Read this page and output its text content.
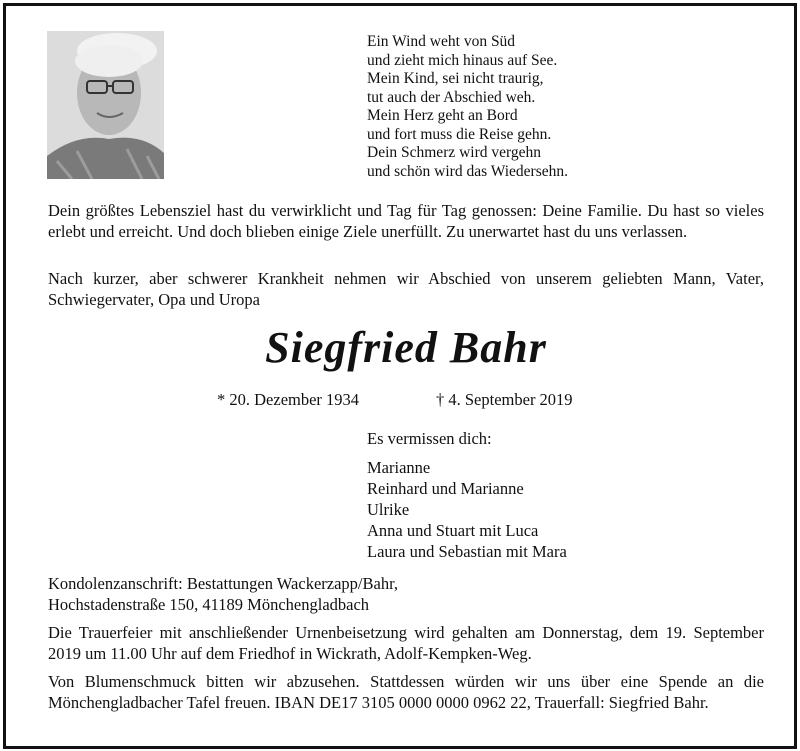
Ein Wind weht von Süd
und zieht mich hinaus auf See.
Mein Kind, sei nicht traurig,
tut auch der Abschied weh.
Mein Herz geht an Bord
und fort muss die Reise gehn.
Dein Schmerz wird vergehn
und schön wird das Wiedersehn.
Dein größtes Lebensziel hast du verwirklicht und Tag für Tag genossen: Deine Familie. Du hast so vieles erlebt und erreicht. Und doch blieben einige Ziele unerfüllt. Zu unerwartet hast du uns verlassen.
Nach kurzer, aber schwerer Krankheit nehmen wir Abschied von unserem geliebten Mann, Vater, Schwiegervater, Opa und Uropa
Siegfried Bahr
* 20. Dezember 1934	† 4. September 2019
Es vermissen dich:
Marianne
Reinhard und Marianne
Ulrike
Anna und Stuart mit Luca
Laura und Sebastian mit Mara
Kondolenzanschrift: Bestattungen Wackerzapp/Bahr,
Hochstadenstraße 150, 41189 Mönchengladbach
Die Trauerfeier mit anschließender Urnenbeisetzung wird gehalten am Donnerstag, dem 19. September 2019 um 11.00 Uhr auf dem Friedhof in Wickrath, Adolf-Kempken-Weg.
Von Blumenschmuck bitten wir abzusehen. Stattdessen würden wir uns über eine Spende an die Mönchengladbacher Tafel freuen. IBAN DE17 3105 0000 0000 0962 22, Trauerfall: Siegfried Bahr.
